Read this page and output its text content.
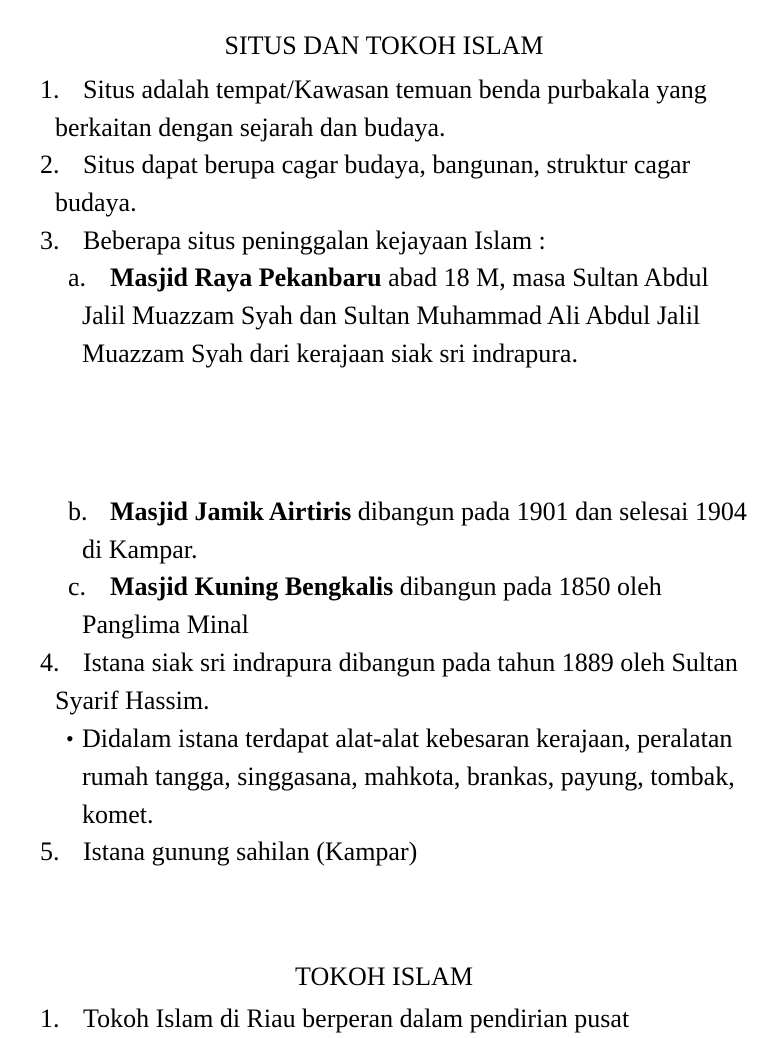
SITUS DAN TOKOH ISLAM

1. Situs adalah tempat/Kawasan temuan benda purbakala yang berkaitan dengan sejarah dan budaya.

2. Situs dapat berupa cagar budaya, bangunan, struktur cagar budaya.

3. Beberapa situs peninggalan kejayaan Islam :

a. Masjid Raya Pekanbaru abad 18 M, masa Sultan Abdul Jalil Muazzam Syah dan Sultan Muhammad Ali Abdul Jalil Muazzam Syah dari kerajaan siak sri indrapura.

b. Masjid Jamik Airtiris dibangun pada 1901 dan selesai 1904 di Kampar.

c. Masjid Kuning Bengkalis dibangun pada 1850 oleh Panglima Minal

4. Istana siak sri indrapura dibangun pada tahun 1889 oleh Sultan Syarif Hassim.

• Didalam istana terdapat alat-alat kebesaran kerajaan, peralatan rumah tangga, singgasana, mahkota, brankas, payung, tombak, komet.

5. Istana gunung sahilan (Kampar)

TOKOH ISLAM

1. Tokoh Islam di Riau berperan dalam pendirian pusat
